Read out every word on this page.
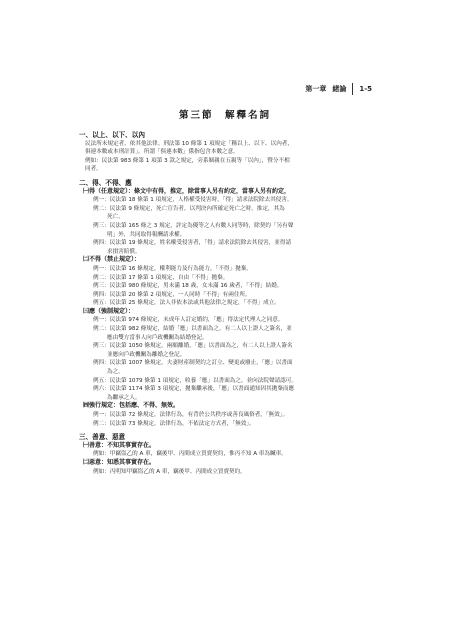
第一章 緒論 1-5
第三節　解釋名詞
一、以上、以下、以內
民法所未規定者，依其他法律。刑法第 10 條第 1 項規定「稱以上、以下、以內者，
俱連本數或本刑計算」。所謂「俱連本數」係指包含本數之意。
例如：民法第 983 條第 1 項第 3 款之規定，旁系姻親在五親等「以內」，暨分不相
同者。
二、得、不得、應
㈠得（任意規定）：條文中有得，推定，除當事人另有約定，當事人另有約定，
例一：民法第 18 條第 1 項規定，人格權受侵害時，「得」請求法院除去其侵害。
例二：民法第 9 條規定，死亡宣告者，以判決內所確定死亡之時，推定，其為
死亡。
例三：民法第 165 條之 3 規定，評定為優等之人有數人同等時，除契約「另有聲
明」外，共同取得報酬請求權。
例四：民法第 19 條規定，姓名權受侵害者，「得」請求法院除去其侵害，並得請
求損害賠償。
㈡不得（禁止規定）：
例一：民法第 16 條規定，權利能力及行為能力，「不得」拋棄。
例二：民法第 17 條第 1 項規定，自由「不得」拋棄。
例三：民法第 980 條規定，男未滿 18 歲，女未滿 16 歲者，「不得」結婚。
例四：民法第 20 條第 2 項規定，一人同時「不得」有兩住所。
例五：民法第 25 條規定，法人非依本法或其他法律之規定，「不得」成立。
㈢應（強制規定）：
例一：民法第 974 條規定，未成年人訂定婚約，「應」得法定代理人之同意。
例二：民法第 982 條規定，結婚「應」以書面為之，有二人以上證人之簽名，並
應由雙方當事人向戶政機關為結婚登記。
例三：民法第 1050 條規定，兩願離婚，「應」以書面為之，有二人以上證人簽名
並應向戶政機關為離婚之登記。
例四：民法第 1007 條規定，夫妻財產制契約之訂立、變更或廢止，「應」以書面
為之。
例五：民法第 1079 條第 1 項規定，收養「應」以書面為之，並向法院聲請認可。
例六：民法第 1174 條第 3 項規定，拋棄繼承後，「應」以書面通知因其拋棄而應
為繼承之人。
㈣強行規定：包括應、不得、無效。
例一：民法第 72 條規定，法律行為，有背於公共秩序或善良風俗者，「無效」。
例二：民法第 73 條規定，法律行為，不依法定方式者，「無效」。
三、善意、惡意
㈠善意：不知其事實存在。
例如：甲竊盜乙的 A 車，竊後甲、丙間成立買賣契約，惟丙不知 A 車為贓車。
㈡惡意：知悉其事實存在。
例如：丙明知甲竊盜乙的 A 車，竊後甲、丙間成立買賣契約。
